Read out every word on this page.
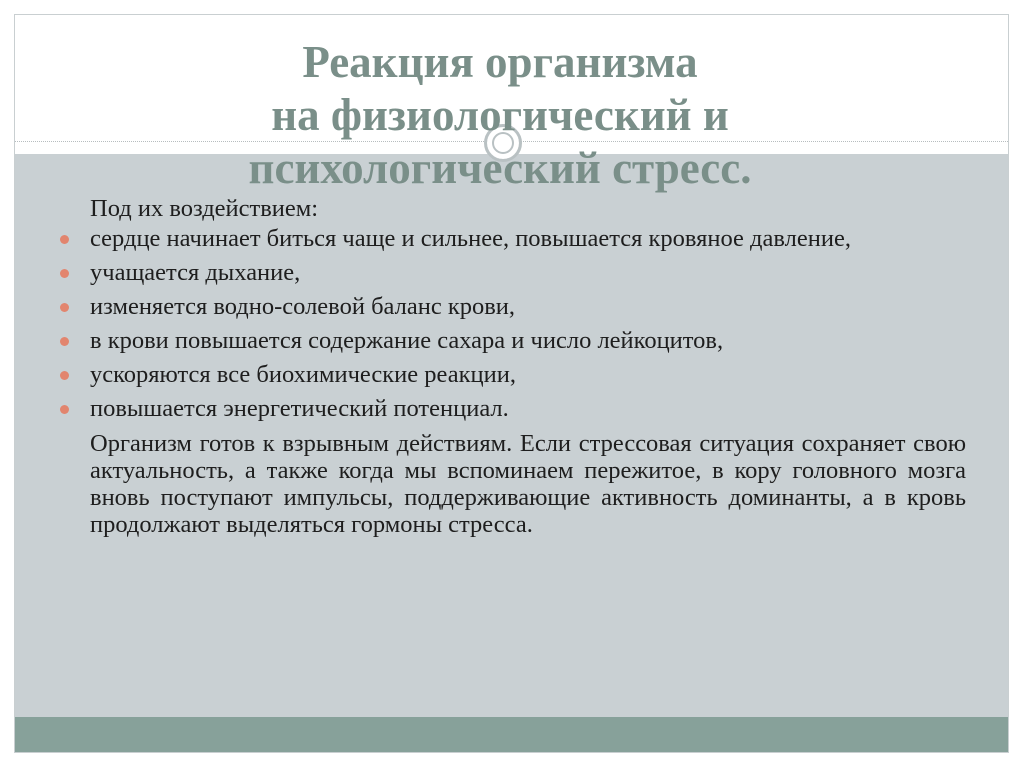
Реакция организма
на физиологический и
психологический стресс.

Под их воздействием:

сердце начинает биться чаще и сильнее, повышается кровяное давление,
учащается дыхание,
изменяется водно-солевой баланс крови,
в крови повышается содержание сахара и число лейкоцитов,
ускоряются все биохимические реакции,
повышается энергетический потенциал.

Организм готов к взрывным действиям. Если стрессовая ситуация сохраняет свою актуальность, а также когда мы вспоминаем пережитое, в кору головного мозга вновь поступают импульсы, поддерживающие активность доминанты, а в кровь продолжают выделяться гормоны стресса.
